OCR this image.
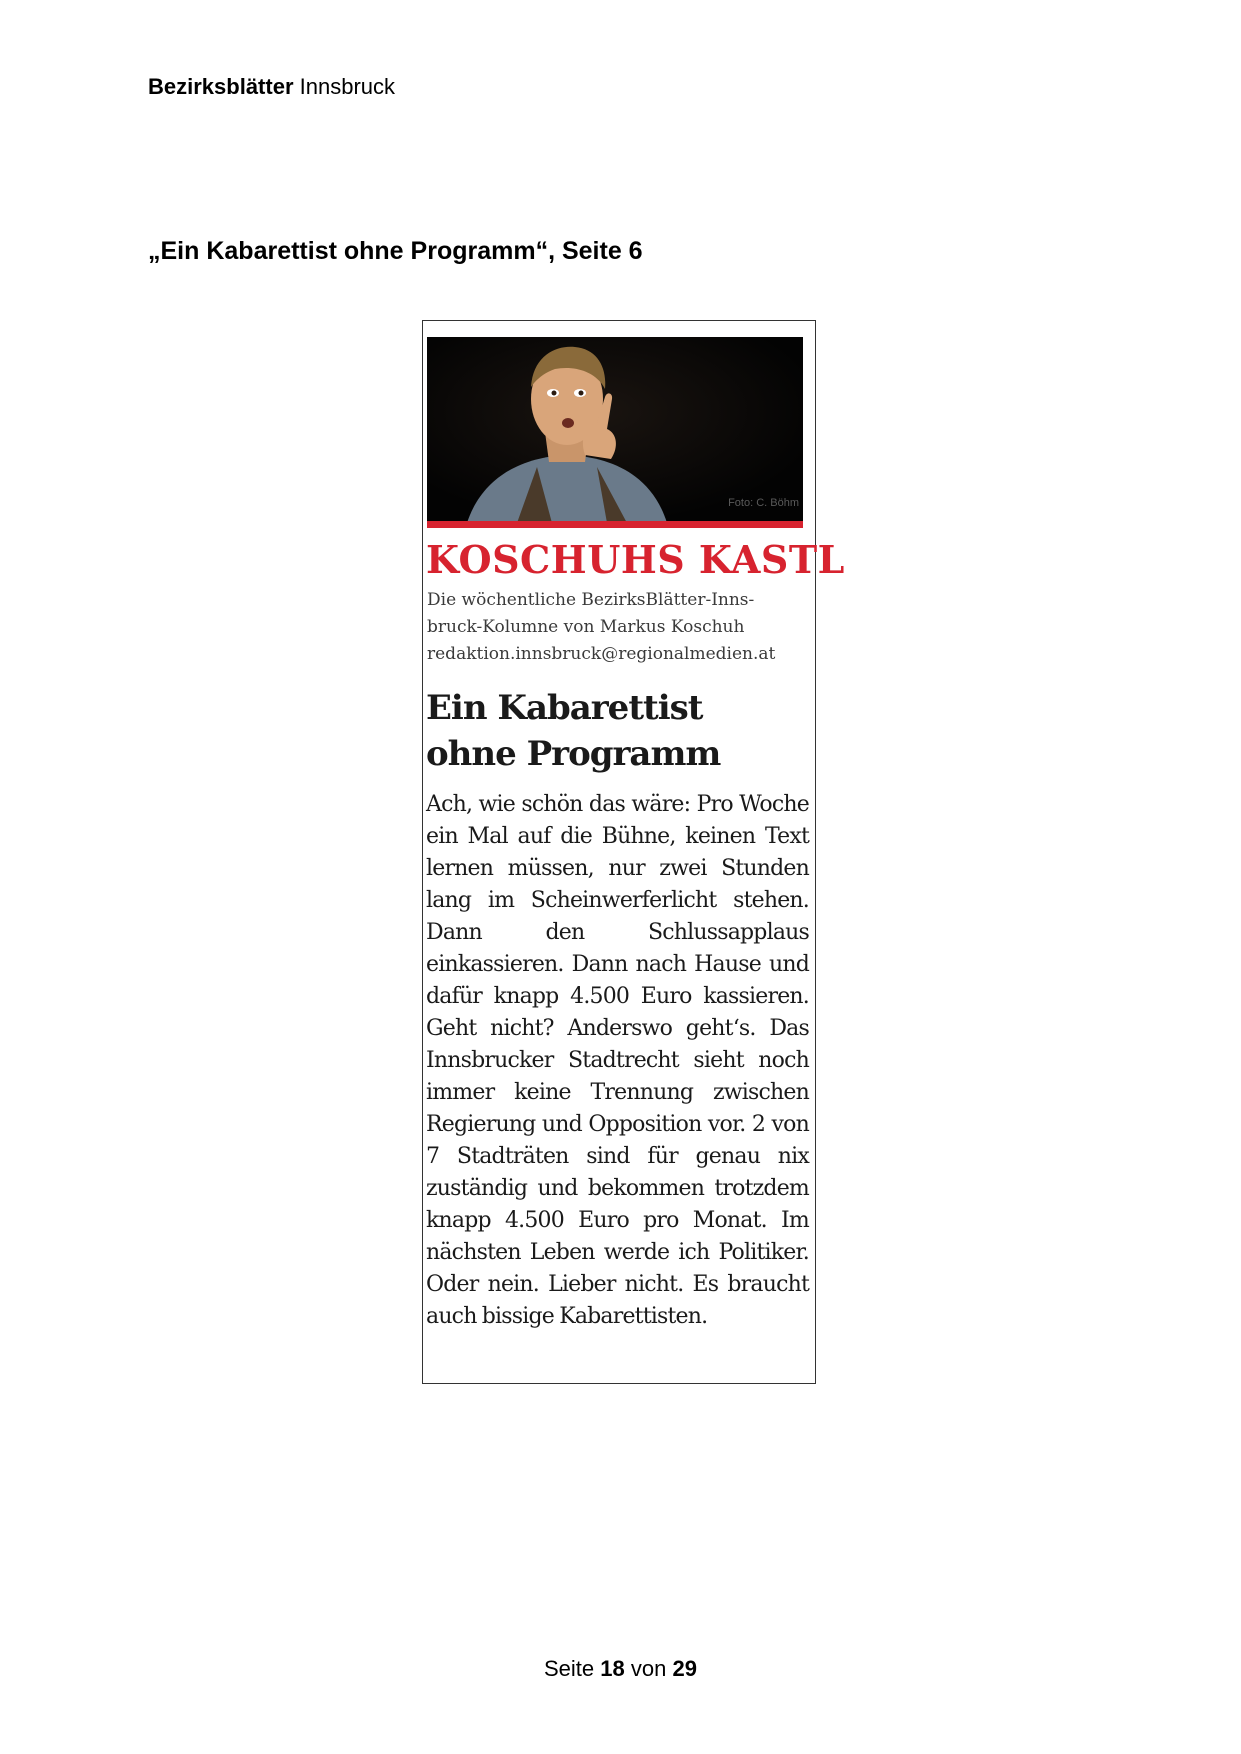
Bezirksblätter Innsbruck
„Ein Kabarettist ohne Programm“, Seite 6
Foto: C. Böhm
KOSCHUHS KASTL
Die wöchentliche BezirksBlätter-Inns-
bruck-Kolumne von Markus Koschuh
redaktion.innsbruck@regionalmedien.at
Ein Kabarettist
ohne Programm
Ach, wie schön das wäre: Pro Woche ein Mal auf die Bühne, keinen Text lernen müssen, nur zwei Stunden lang im Scheinwerferlicht stehen. Dann den Schlussapplaus einkassieren. Dann nach Hause und dafür knapp 4.500 Euro kassieren. Geht nicht? Anderswo geht‘s. Das Innsbrucker Stadtrecht sieht noch immer keine Trennung zwischen Regierung und Opposition vor. 2 von 7 Stadträten sind für genau nix zuständig und bekommen trotzdem knapp 4.500 Euro pro Monat. Im nächsten Leben werde ich Politiker. Oder nein. Lieber nicht. Es braucht auch bissige Kabarettisten.
Seite 18 von 29
